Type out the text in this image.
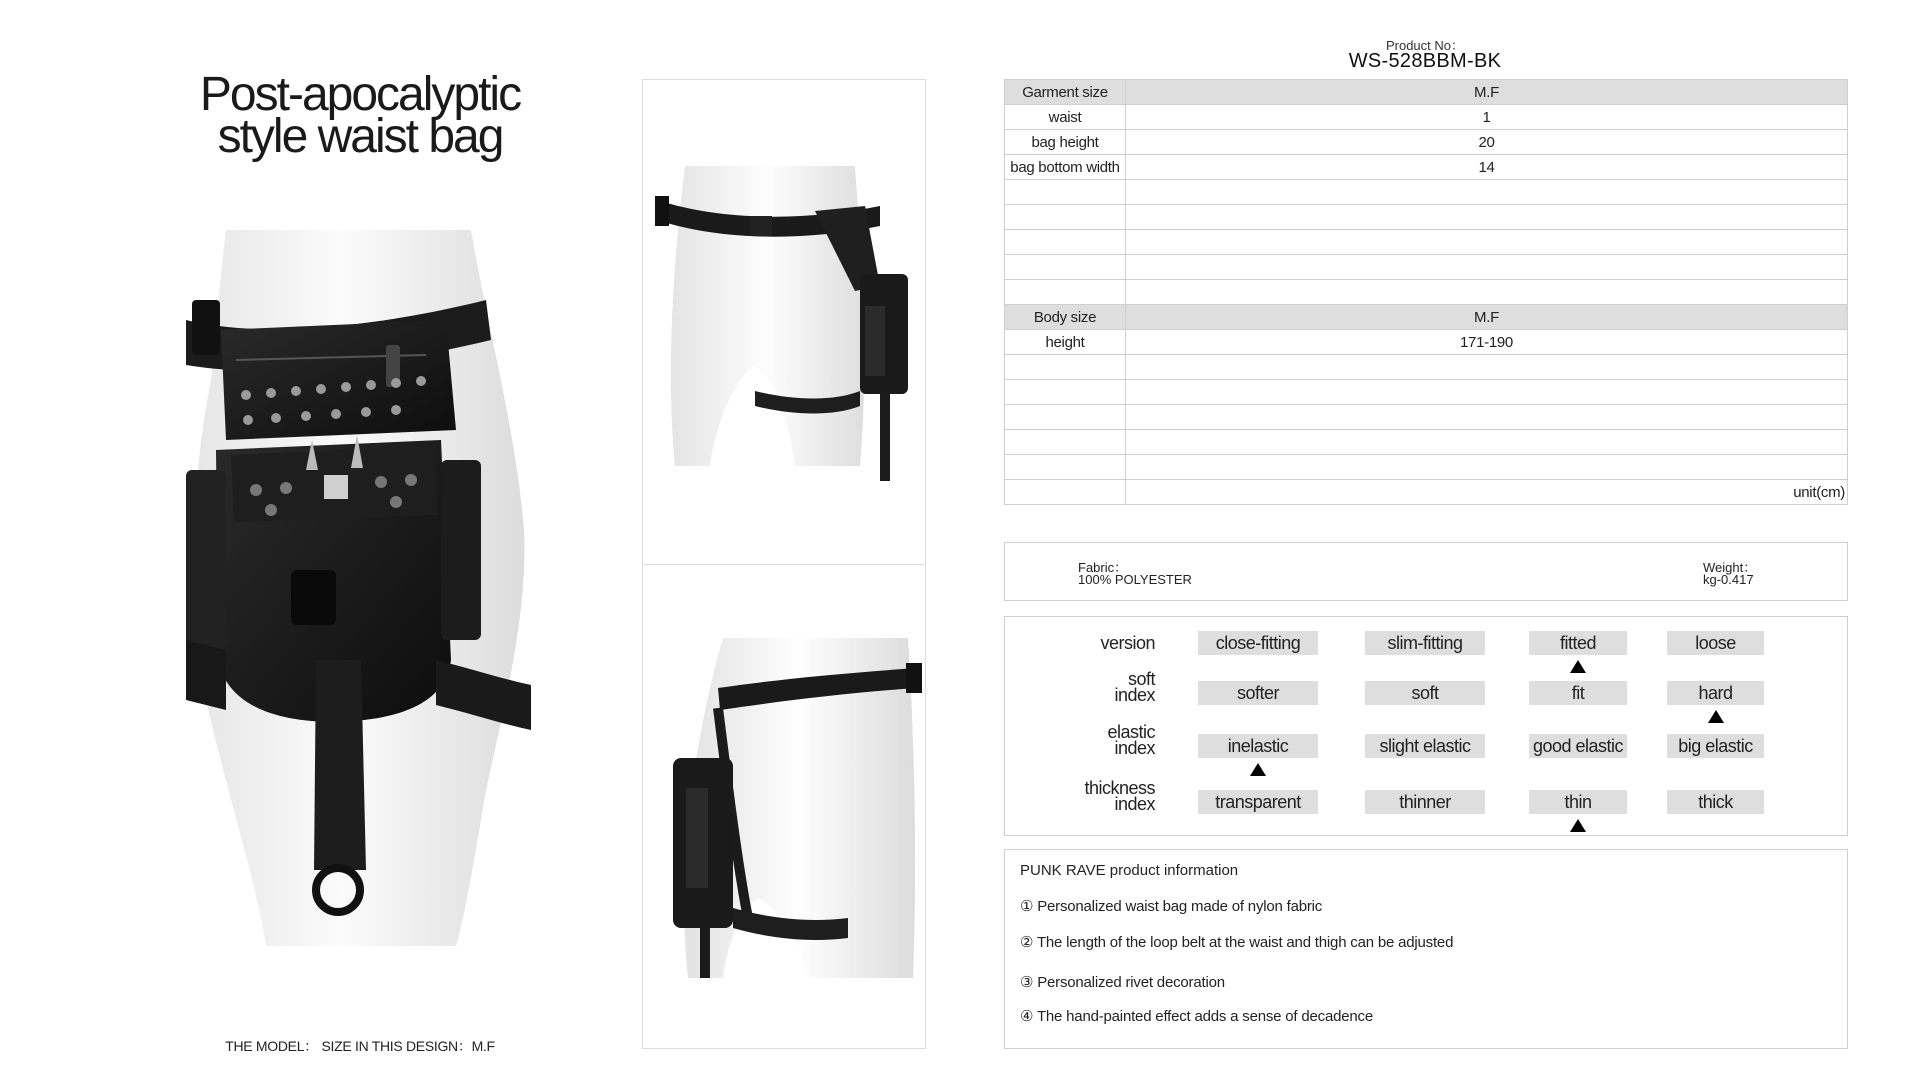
Post-apocalyptic
style waist bag
THE MODEL： SIZE IN THIS DESIGN：M.F
Product No：
WS-528BBM-BK
Garment size	M.F
waist	1
bag height	20
bag bottom width	14

Body size	M.F
height	171-190

	unit(cm)
Fabric：
100% POLYESTER
Weight：
kg-0.417
version	close-fitting	slim-fitting	fitted	loose
soft
index	softer	soft	fit	hard
elastic
index	inelastic	slight elastic	good elastic	big elastic
thickness
index	transparent	thinner	thin	thick
PUNK RAVE product information
① Personalized waist bag made of nylon fabric
② The length of the loop belt at the waist and thigh can be adjusted
③ Personalized rivet decoration
④ The hand-painted effect adds a sense of decadence
